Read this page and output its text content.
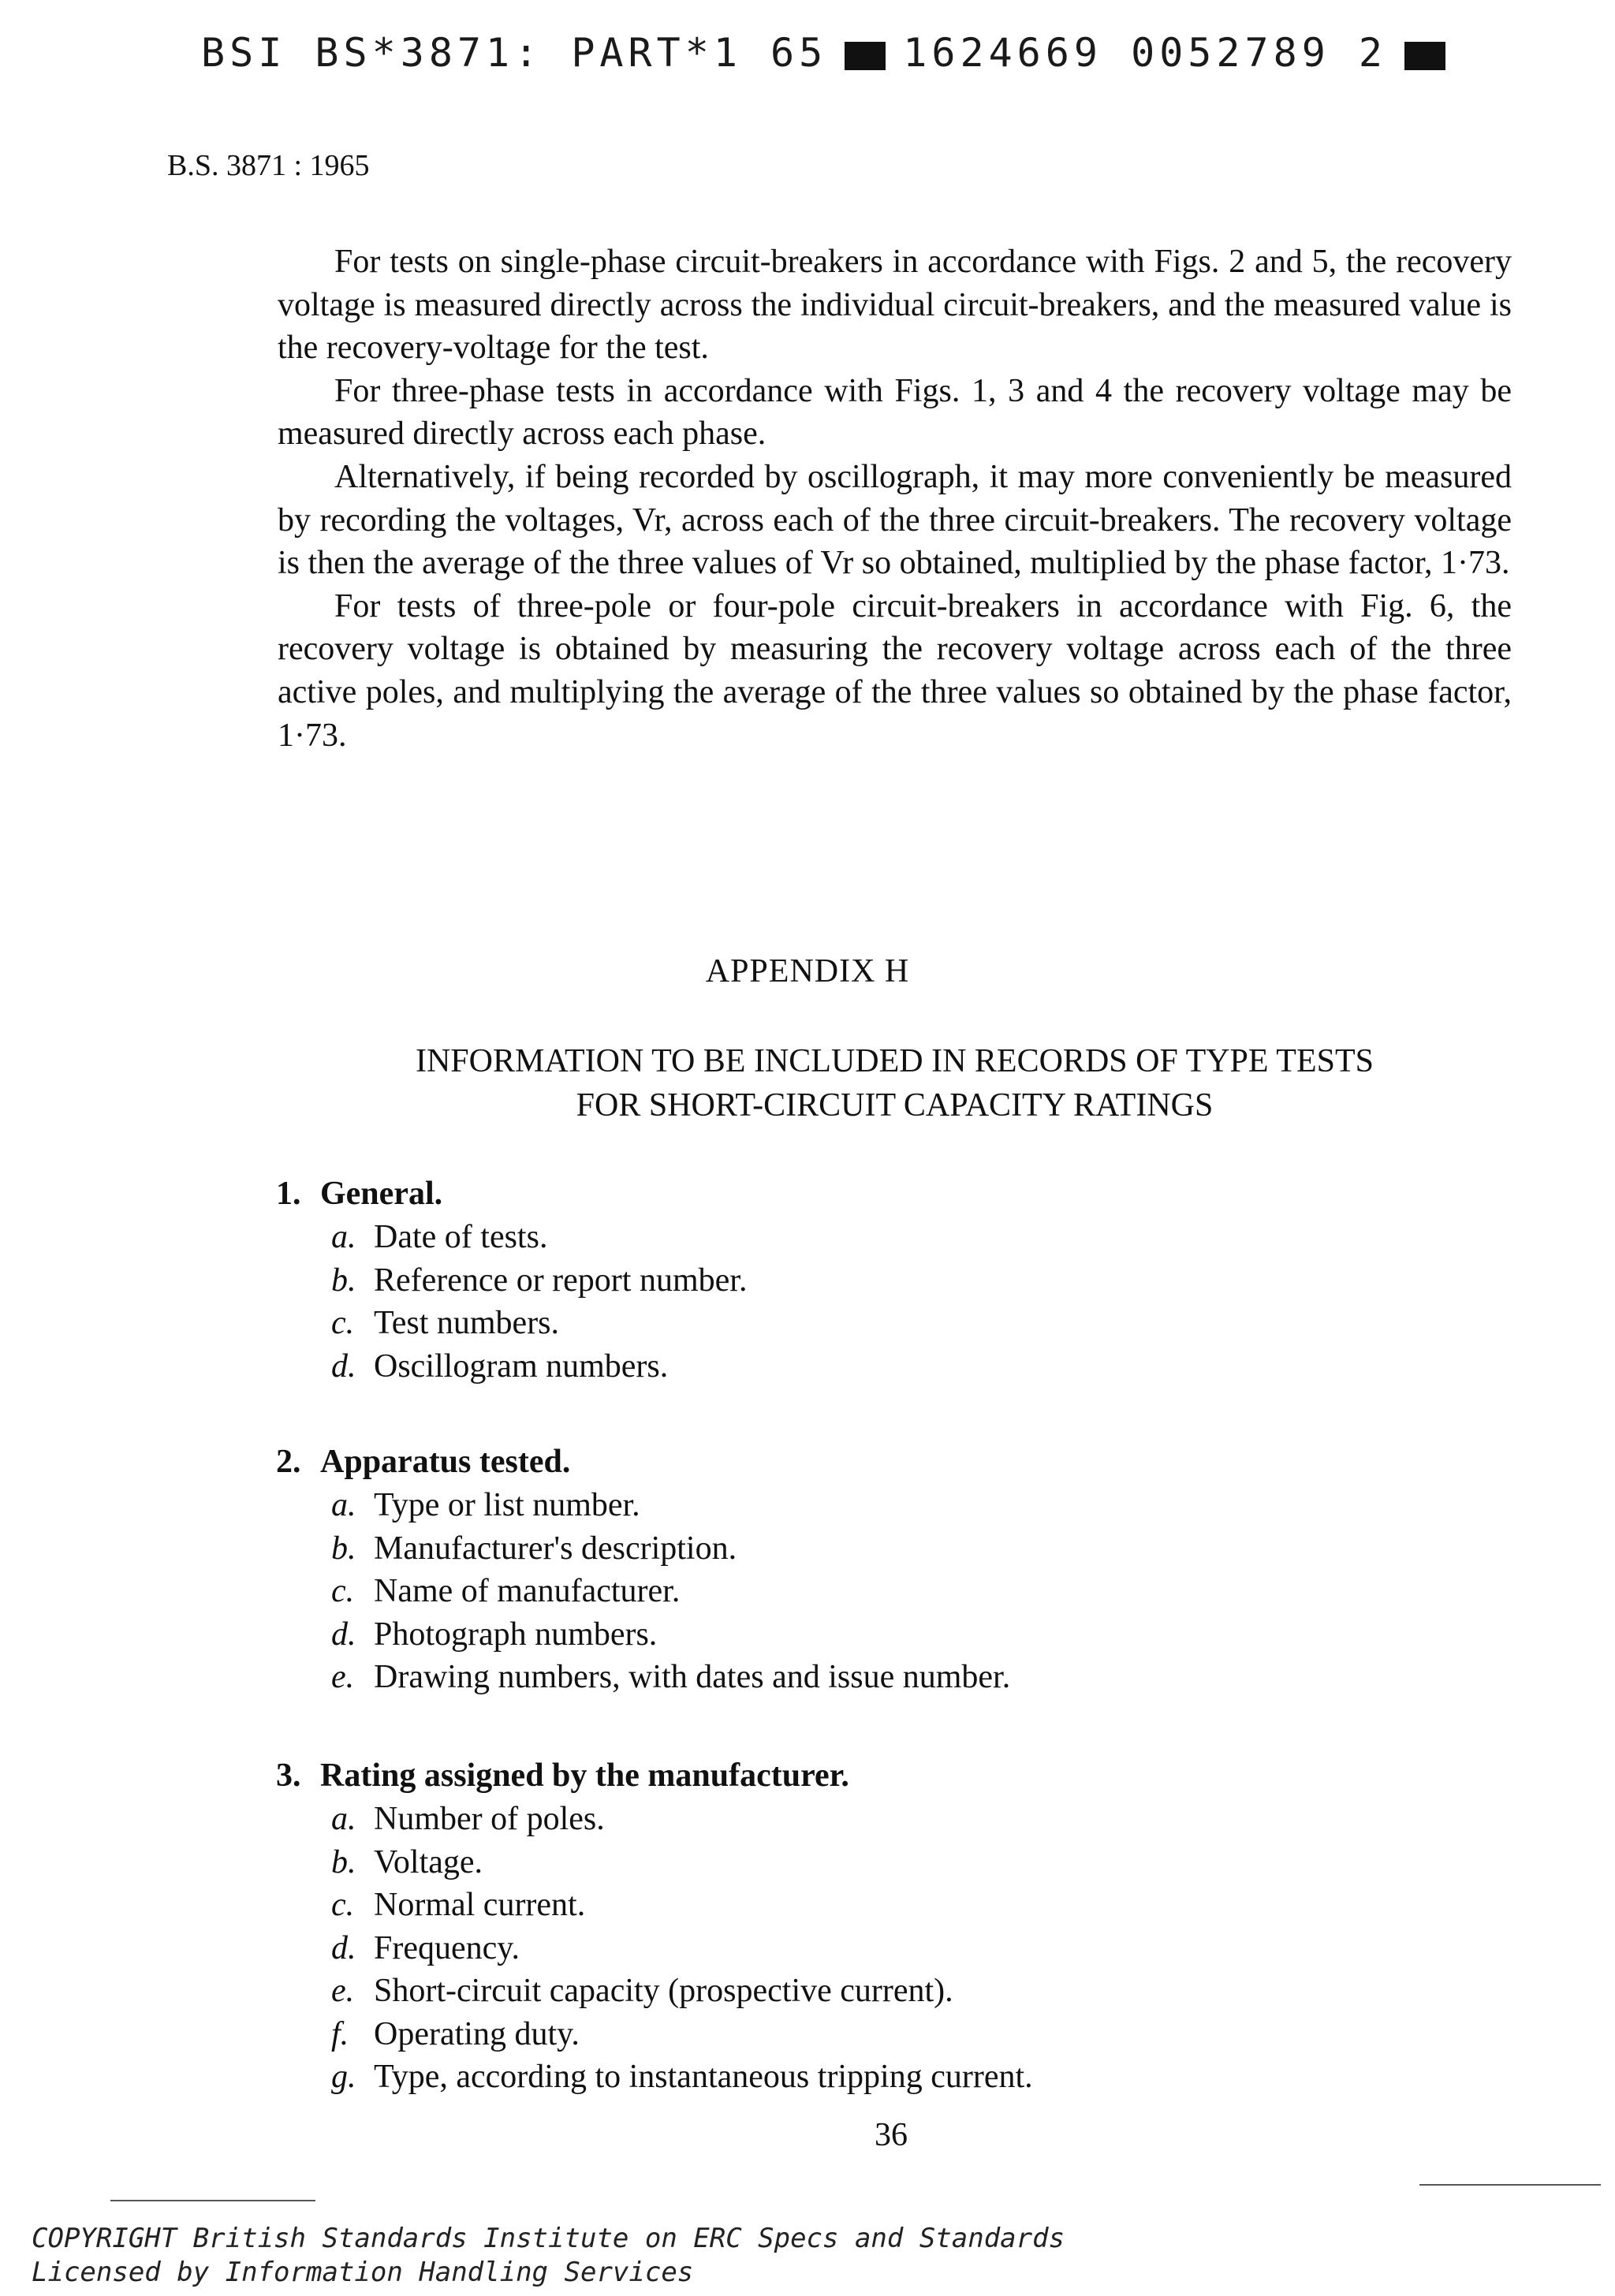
BSI BS*3871: PART*1 65 1624669 0052789 2
B.S. 3871 : 1965

For tests on single-phase circuit-breakers in accordance with Figs. 2 and 5, the recovery voltage is measured directly across the individual circuit-breakers, and the measured value is the recovery-voltage for the test.

For three-phase tests in accordance with Figs. 1, 3 and 4 the recovery voltage may be measured directly across each phase.

Alternatively, if being recorded by oscillograph, it may more conveniently be measured by recording the voltages, Vr, across each of the three circuit-breakers. The recovery voltage is then the average of the three values of Vr so obtained, multiplied by the phase factor, 1·73.

For tests of three-pole or four-pole circuit-breakers in accordance with Fig. 6, the recovery voltage is obtained by measuring the recovery voltage across each of the three active poles, and multiplying the average of the three values so obtained by the phase factor, 1·73.

APPENDIX H
INFORMATION TO BE INCLUDED IN RECORDS OF TYPE TESTS
FOR SHORT-CIRCUIT CAPACITY RATINGS

1. General.

a. Date of tests.
b. Reference or report number.
c. Test numbers.
d. Oscillogram numbers.

2. Apparatus tested.

a. Type or list number.
b. Manufacturer's description.
c. Name of manufacturer.
d. Photograph numbers.
e. Drawing numbers, with dates and issue number.

3. Rating assigned by the manufacturer.

a. Number of poles.
b. Voltage.
c. Normal current.
d. Frequency.
e. Short-circuit capacity (prospective current).
f. Operating duty.
g. Type, according to instantaneous tripping current.
36
COPYRIGHT British Standards Institute on ERC Specs and Standards
Licensed by Information Handling Services
